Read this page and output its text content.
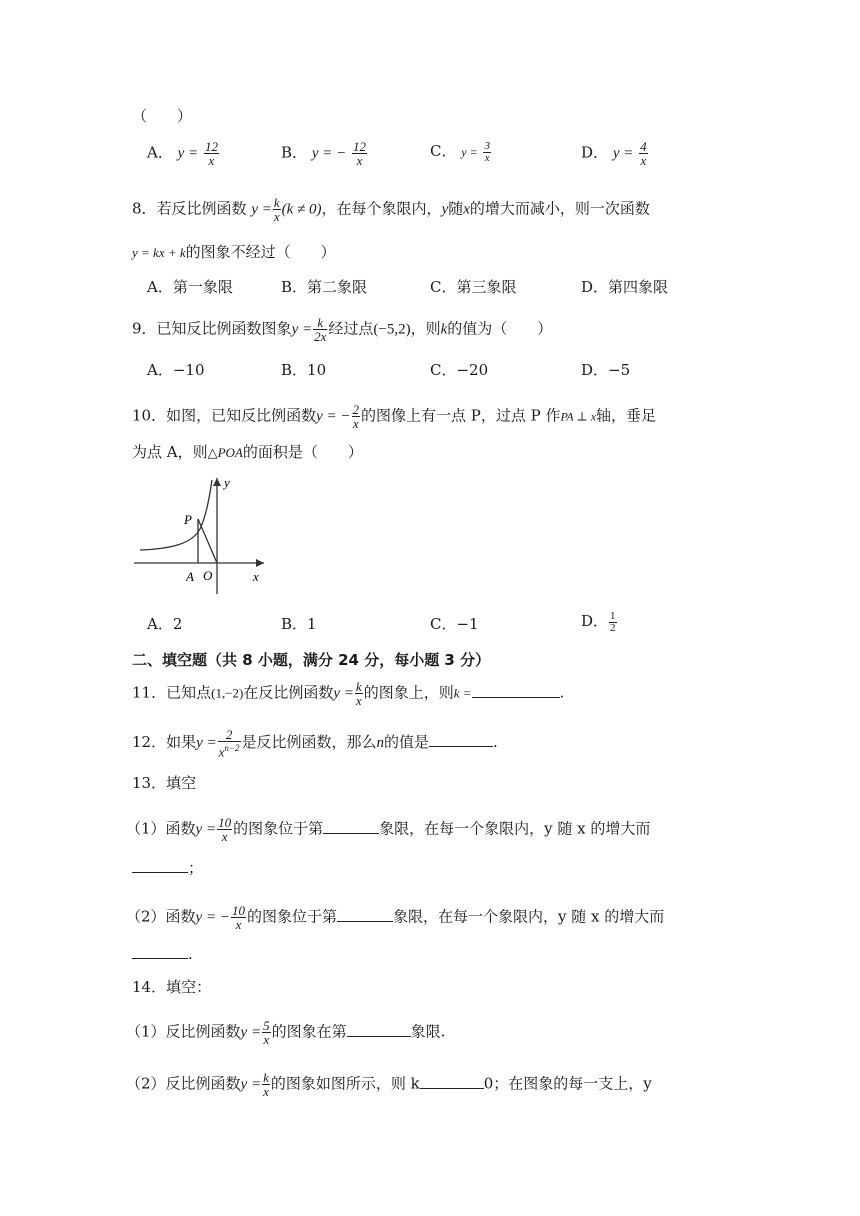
（　　）
A． $y = \frac{12}{x}$	B． y = − $\frac{12}{x}$	C． $y = \frac{3}{x}$	D． $y = \frac{4}{x}$
8．若反比例函数 $y = \frac{k}{x} (k \ne 0)$，在每个象限内，y随x的增大而减小，则一次函数
y = kx + k的图象不经过（　　）
A．第一象限	B．第二象限	C．第三象限	D．第四象限
9．已知反比例函数图象$y = \frac{k}{2x}$ 经过点(−5,2)，则k的值为（　　）
A．−10	B．10	C．−20	D．−5
10．如图，已知反比例函数y = − $\frac{2}{x}$ 的图像上有一点 P，过点 P 作PA ⊥ x轴，垂足
为点 A，则△POA的面积是（　　）
P
A O	x
y
A．2	B．1	C．−1	D． $\frac{1}{2}$
二、填空题（共 8 小题，满分 24 分，每小题 3 分）
11．已知点(1,−2)在反比例函数$y = \frac{k}{x}$ 的图象上，则k =	.
12．如果$y = \frac{2}{x^{n-2}}$ 是反比例函数，那么n的值是	.
13．填空
（1）函数$y = \frac{10}{x}$ 的图象位于第	象限，在每一个象限内，y 随 x 的增大而
；
（2）函数y = − $\frac{10}{x}$ 的图象位于第	象限，在每一个象限内，y 随 x 的增大而
.
14．填空：
（1）反比例函数$y = \frac{5}{x}$ 的图象在第	象限.
（2）反比例函数$y = \frac{k}{x}$ 的图象如图所示，则 k	0；在图象的每一支上，y
